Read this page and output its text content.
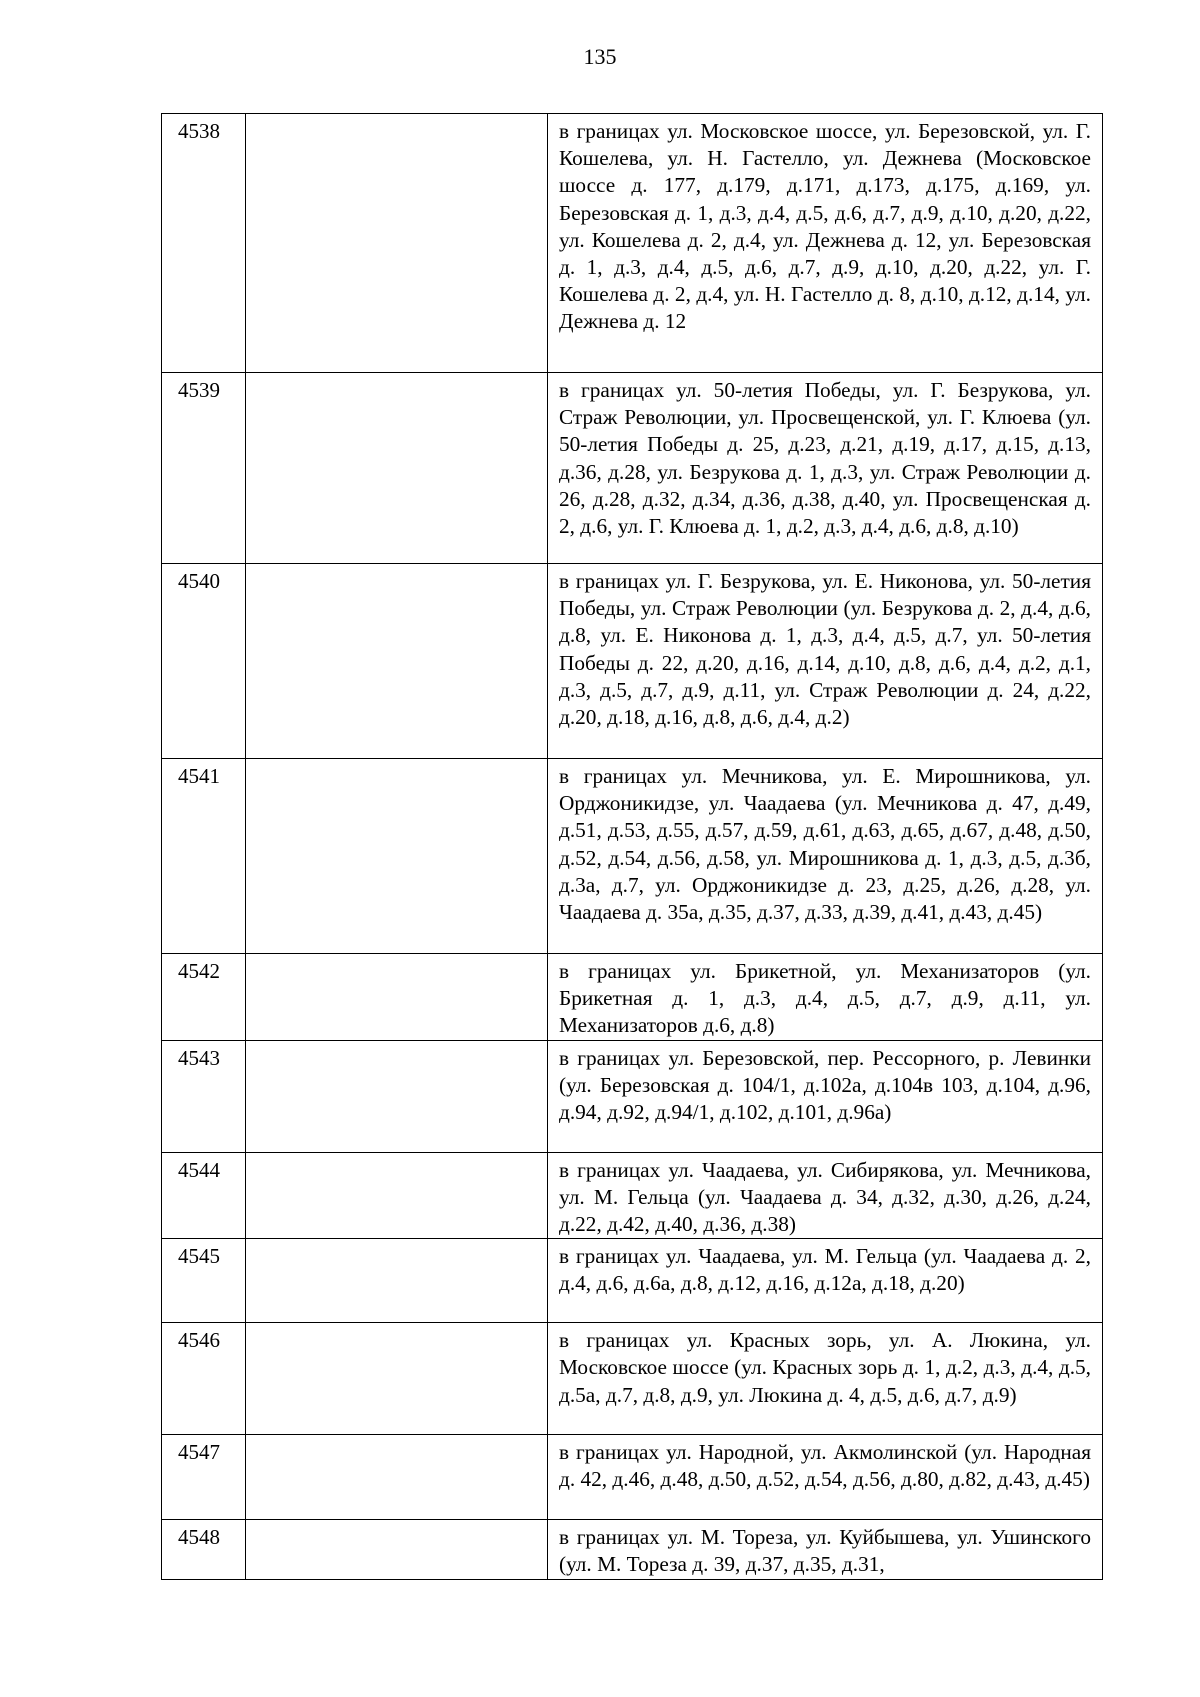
135
4538		в границах ул. Московское шоссе, ул. Березовской, ул. Г. Кошелева, ул. Н. Гастелло, ул. Дежнева (Московское шоссе д. 177, д.179, д.171, д.173, д.175, д.169, ул. Березовская д. 1, д.3, д.4, д.5, д.6, д.7, д.9, д.10, д.20, д.22, ул. Кошелева д. 2, д.4, ул. Дежнева д. 12, ул. Березовская д. 1, д.3, д.4, д.5, д.6, д.7, д.9, д.10, д.20, д.22, ул. Г. Кошелева д. 2, д.4, ул. Н. Гастелло д. 8, д.10, д.12, д.14, ул. Дежнева д. 12
4539		в границах ул. 50-летия Победы, ул. Г. Безрукова, ул. Страж Революции, ул. Просвещенской, ул. Г. Клюева (ул. 50-летия Победы д. 25, д.23, д.21, д.19, д.17, д.15, д.13, д.36, д.28, ул. Безрукова д. 1, д.3, ул. Страж Революции д. 26, д.28, д.32, д.34, д.36, д.38, д.40, ул. Просвещенская д. 2, д.6, ул. Г. Клюева д. 1, д.2, д.3, д.4, д.6, д.8, д.10)
4540		в границах ул. Г. Безрукова, ул. Е. Никонова, ул. 50-летия Победы, ул. Страж Революции (ул. Безрукова д. 2, д.4, д.6, д.8, ул. Е. Никонова д. 1, д.3, д.4, д.5, д.7, ул. 50-летия Победы д. 22, д.20, д.16, д.14, д.10, д.8, д.6, д.4, д.2, д.1, д.3, д.5, д.7, д.9, д.11, ул. Страж Революции д. 24, д.22, д.20, д.18, д.16, д.8, д.6, д.4, д.2)
4541		в границах ул. Мечникова, ул. Е. Мирошникова, ул. Орджоникидзе, ул. Чаадаева (ул. Мечникова д. 47, д.49, д.51, д.53, д.55, д.57, д.59, д.61, д.63, д.65, д.67, д.48, д.50, д.52, д.54, д.56, д.58, ул. Мирошникова д. 1, д.3, д.5, д.3б, д.3а, д.7, ул. Орджоникидзе д. 23, д.25, д.26, д.28, ул. Чаадаева д. 35а, д.35, д.37, д.33, д.39, д.41, д.43, д.45)
4542		в границах ул. Брикетной, ул. Механизаторов (ул. Брикетная д. 1, д.3, д.4, д.5, д.7, д.9, д.11, ул. Механизаторов д.6, д.8)
4543		в границах ул. Березовской, пер. Рессорного, р. Левинки (ул. Березовская д. 104/1, д.102а, д.104в 103, д.104, д.96, д.94, д.92, д.94/1, д.102, д.101, д.96а)
4544		в границах ул. Чаадаева, ул. Сибирякова, ул. Мечникова, ул. М. Гельца (ул. Чаадаева д. 34, д.32, д.30, д.26, д.24, д.22, д.42, д.40, д.36, д.38)
4545		в границах ул. Чаадаева, ул. М. Гельца (ул. Чаадаева д. 2, д.4, д.6, д.6а, д.8, д.12, д.16, д.12а, д.18, д.20)
4546		в границах ул. Красных зорь, ул. А. Люкина, ул. Московское шоссе (ул. Красных зорь д. 1, д.2, д.3, д.4, д.5, д.5а, д.7, д.8, д.9, ул. Люкина д. 4, д.5, д.6, д.7, д.9)
4547		в границах ул. Народной, ул. Акмолинской (ул. Народная д. 42, д.46, д.48, д.50, д.52, д.54, д.56, д.80, д.82, д.43, д.45)
4548		в границах ул. М. Тореза, ул. Куйбышева, ул. Ушинского (ул. М. Тореза д. 39, д.37, д.35, д.31,
